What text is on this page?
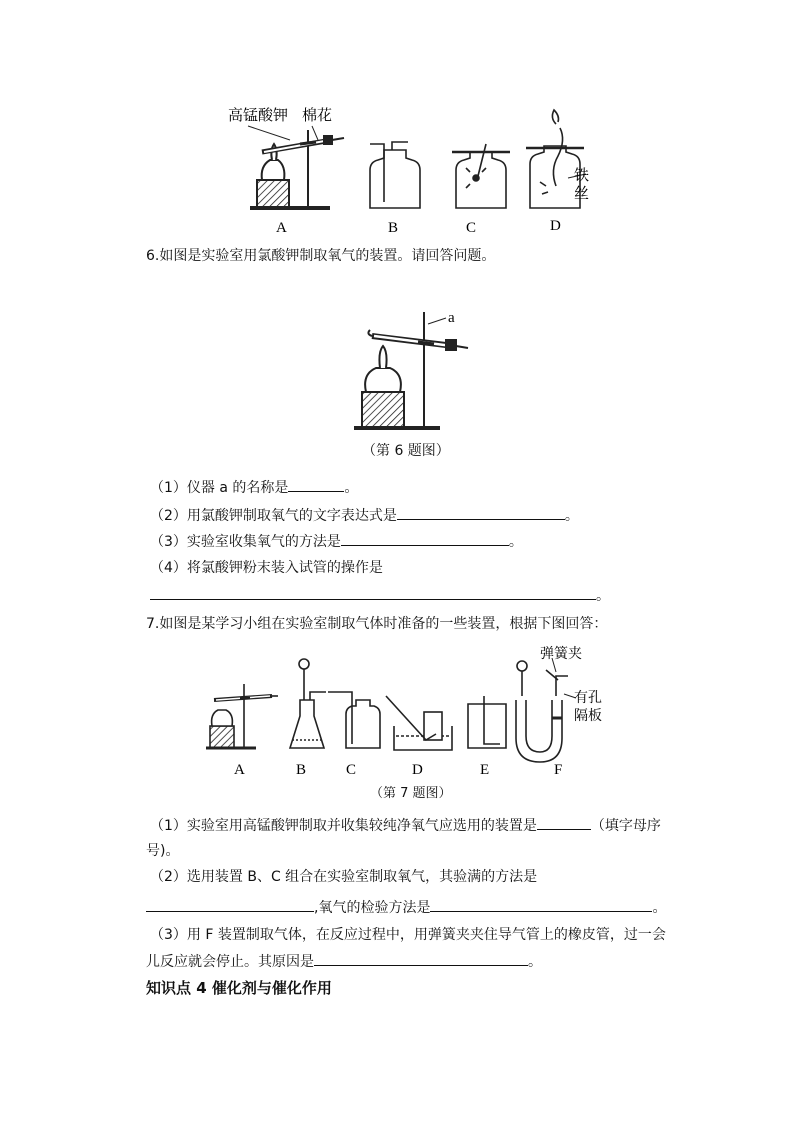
高锰酸钾 棉花
铁
丝
A	B	C	D
6.如图是实验室用氯酸钾制取氧气的装置。请回答问题。
a
（第 6 题图）
（1）仪器 a 的名称是	。
（2）用氯酸钾制取氧气的文字表达式是	。
（3）实验室收集氧气的方法是	。
（4）将氯酸钾粉末装入试管的操作是
。
7.如图是某学习小组在实验室制取气体时准备的一些装置，根据下图回答：
弹簧夹
有孔
隔板
A	B	C	D	E	F
（第 7 题图）
（1）实验室用高锰酸钾制取并收集较纯净氧气应选用的装置是	（填字母序
号)。
（2）选用装置 B、C 组合在实验室制取氧气，其验满的方法是
,氧气的检验方法是	。
（3）用 F 装置制取气体，在反应过程中，用弹簧夹夹住导气管上的橡皮管，过一会
儿反应就会停止。其原因是	。
知识点 4 催化剂与催化作用
